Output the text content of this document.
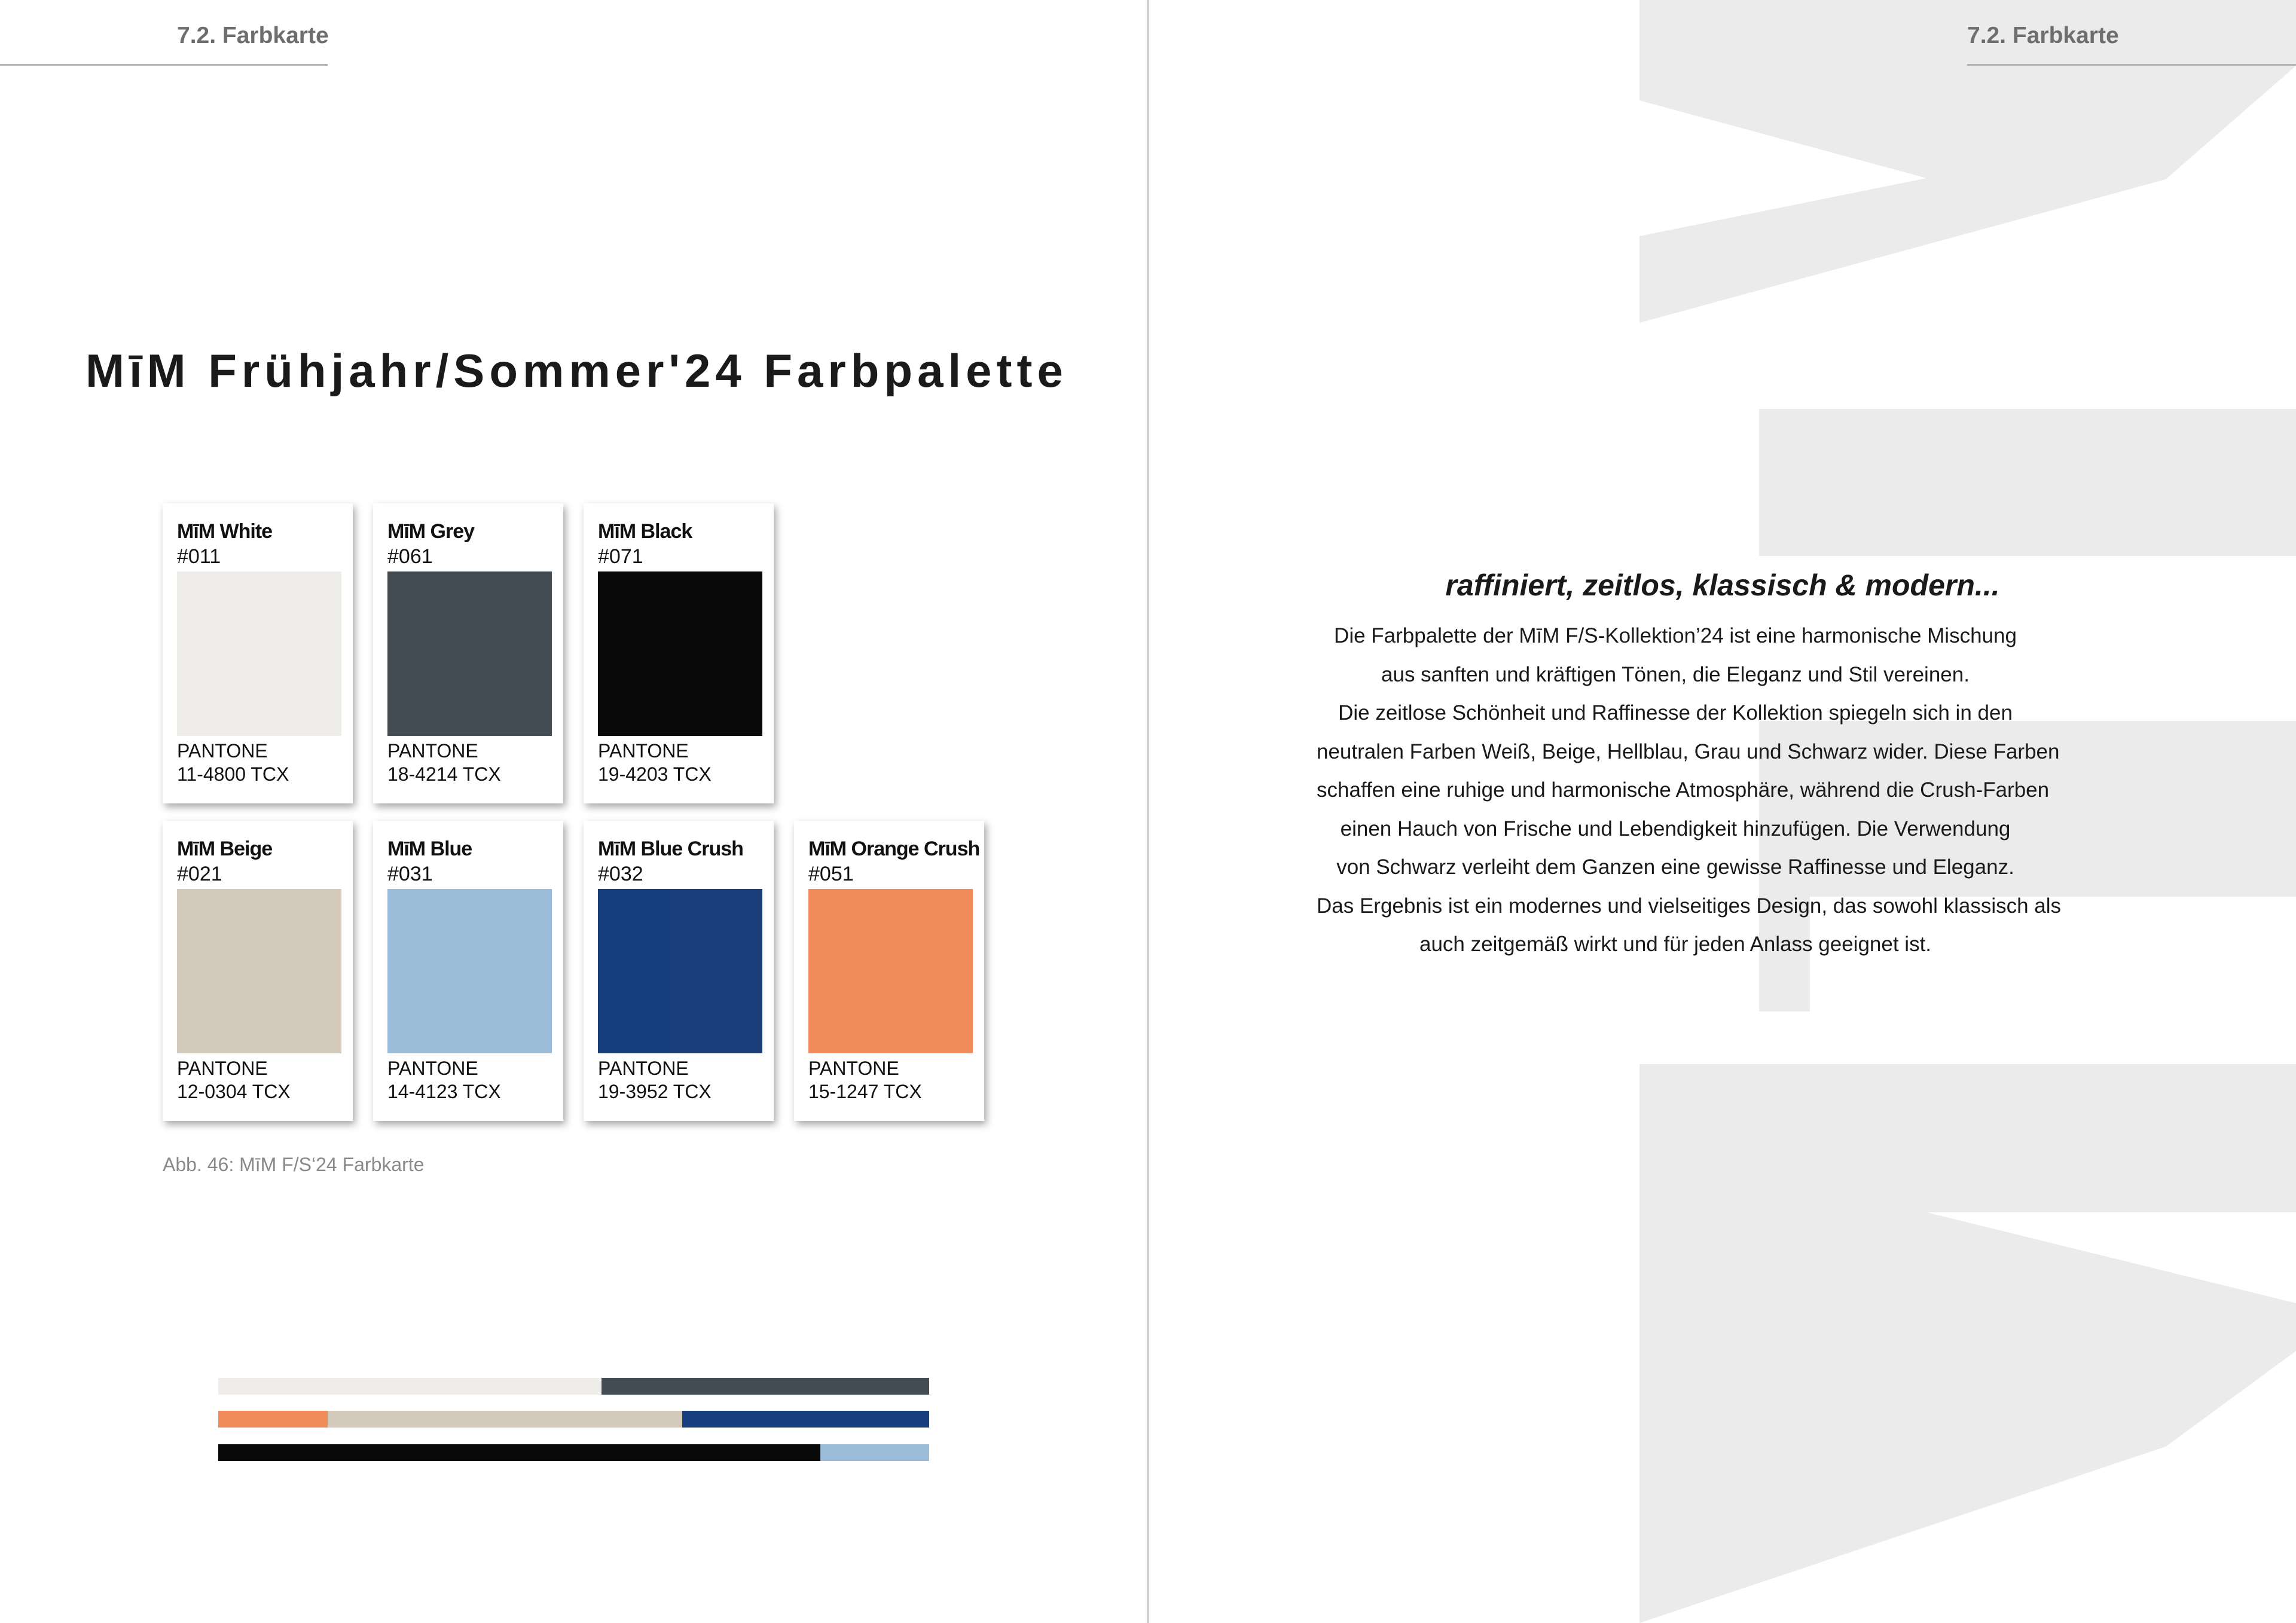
7.2. Farbkarte
MīM Frühjahr/Sommer'24 Farbpalette
MīM White
#011
PANTONE
11-4800 TCX
MīM Grey
#061
PANTONE
18-4214 TCX
MīM Black
#071
PANTONE
19-4203 TCX
MīM Beige
#021
PANTONE
12-0304 TCX
MīM Blue
#031
PANTONE
14-4123 TCX
MīM Blue Crush
#032
PANTONE
19-3952 TCX
MīM Orange Crush
#051
PANTONE
15-1247 TCX
Abb. 46: MīM F/S‘24 Farbkarte
7.2. Farbkarte
raffiniert, zeitlos, klassisch & modern...
Die Farbpalette der MīM F/S-Kollektion’24 ist eine harmonische Mischung
aus sanften und kräftigen Tönen, die Eleganz und Stil vereinen.
Die zeitlose Schönheit und Raffinesse der Kollektion spiegeln sich in den
neutralen Farben Weiß, Beige, Hellblau, Grau und Schwarz wider. Diese Farben
schaffen eine ruhige und harmonische Atmosphäre, während die Crush-Farben
einen Hauch von Frische und Lebendigkeit hinzufügen. Die Verwendung
von Schwarz verleiht dem Ganzen eine gewisse Raffinesse und Eleganz.
Das Ergebnis ist ein modernes und vielseitiges Design, das sowohl klassisch als
auch zeitgemäß wirkt und für jeden Anlass geeignet ist.
